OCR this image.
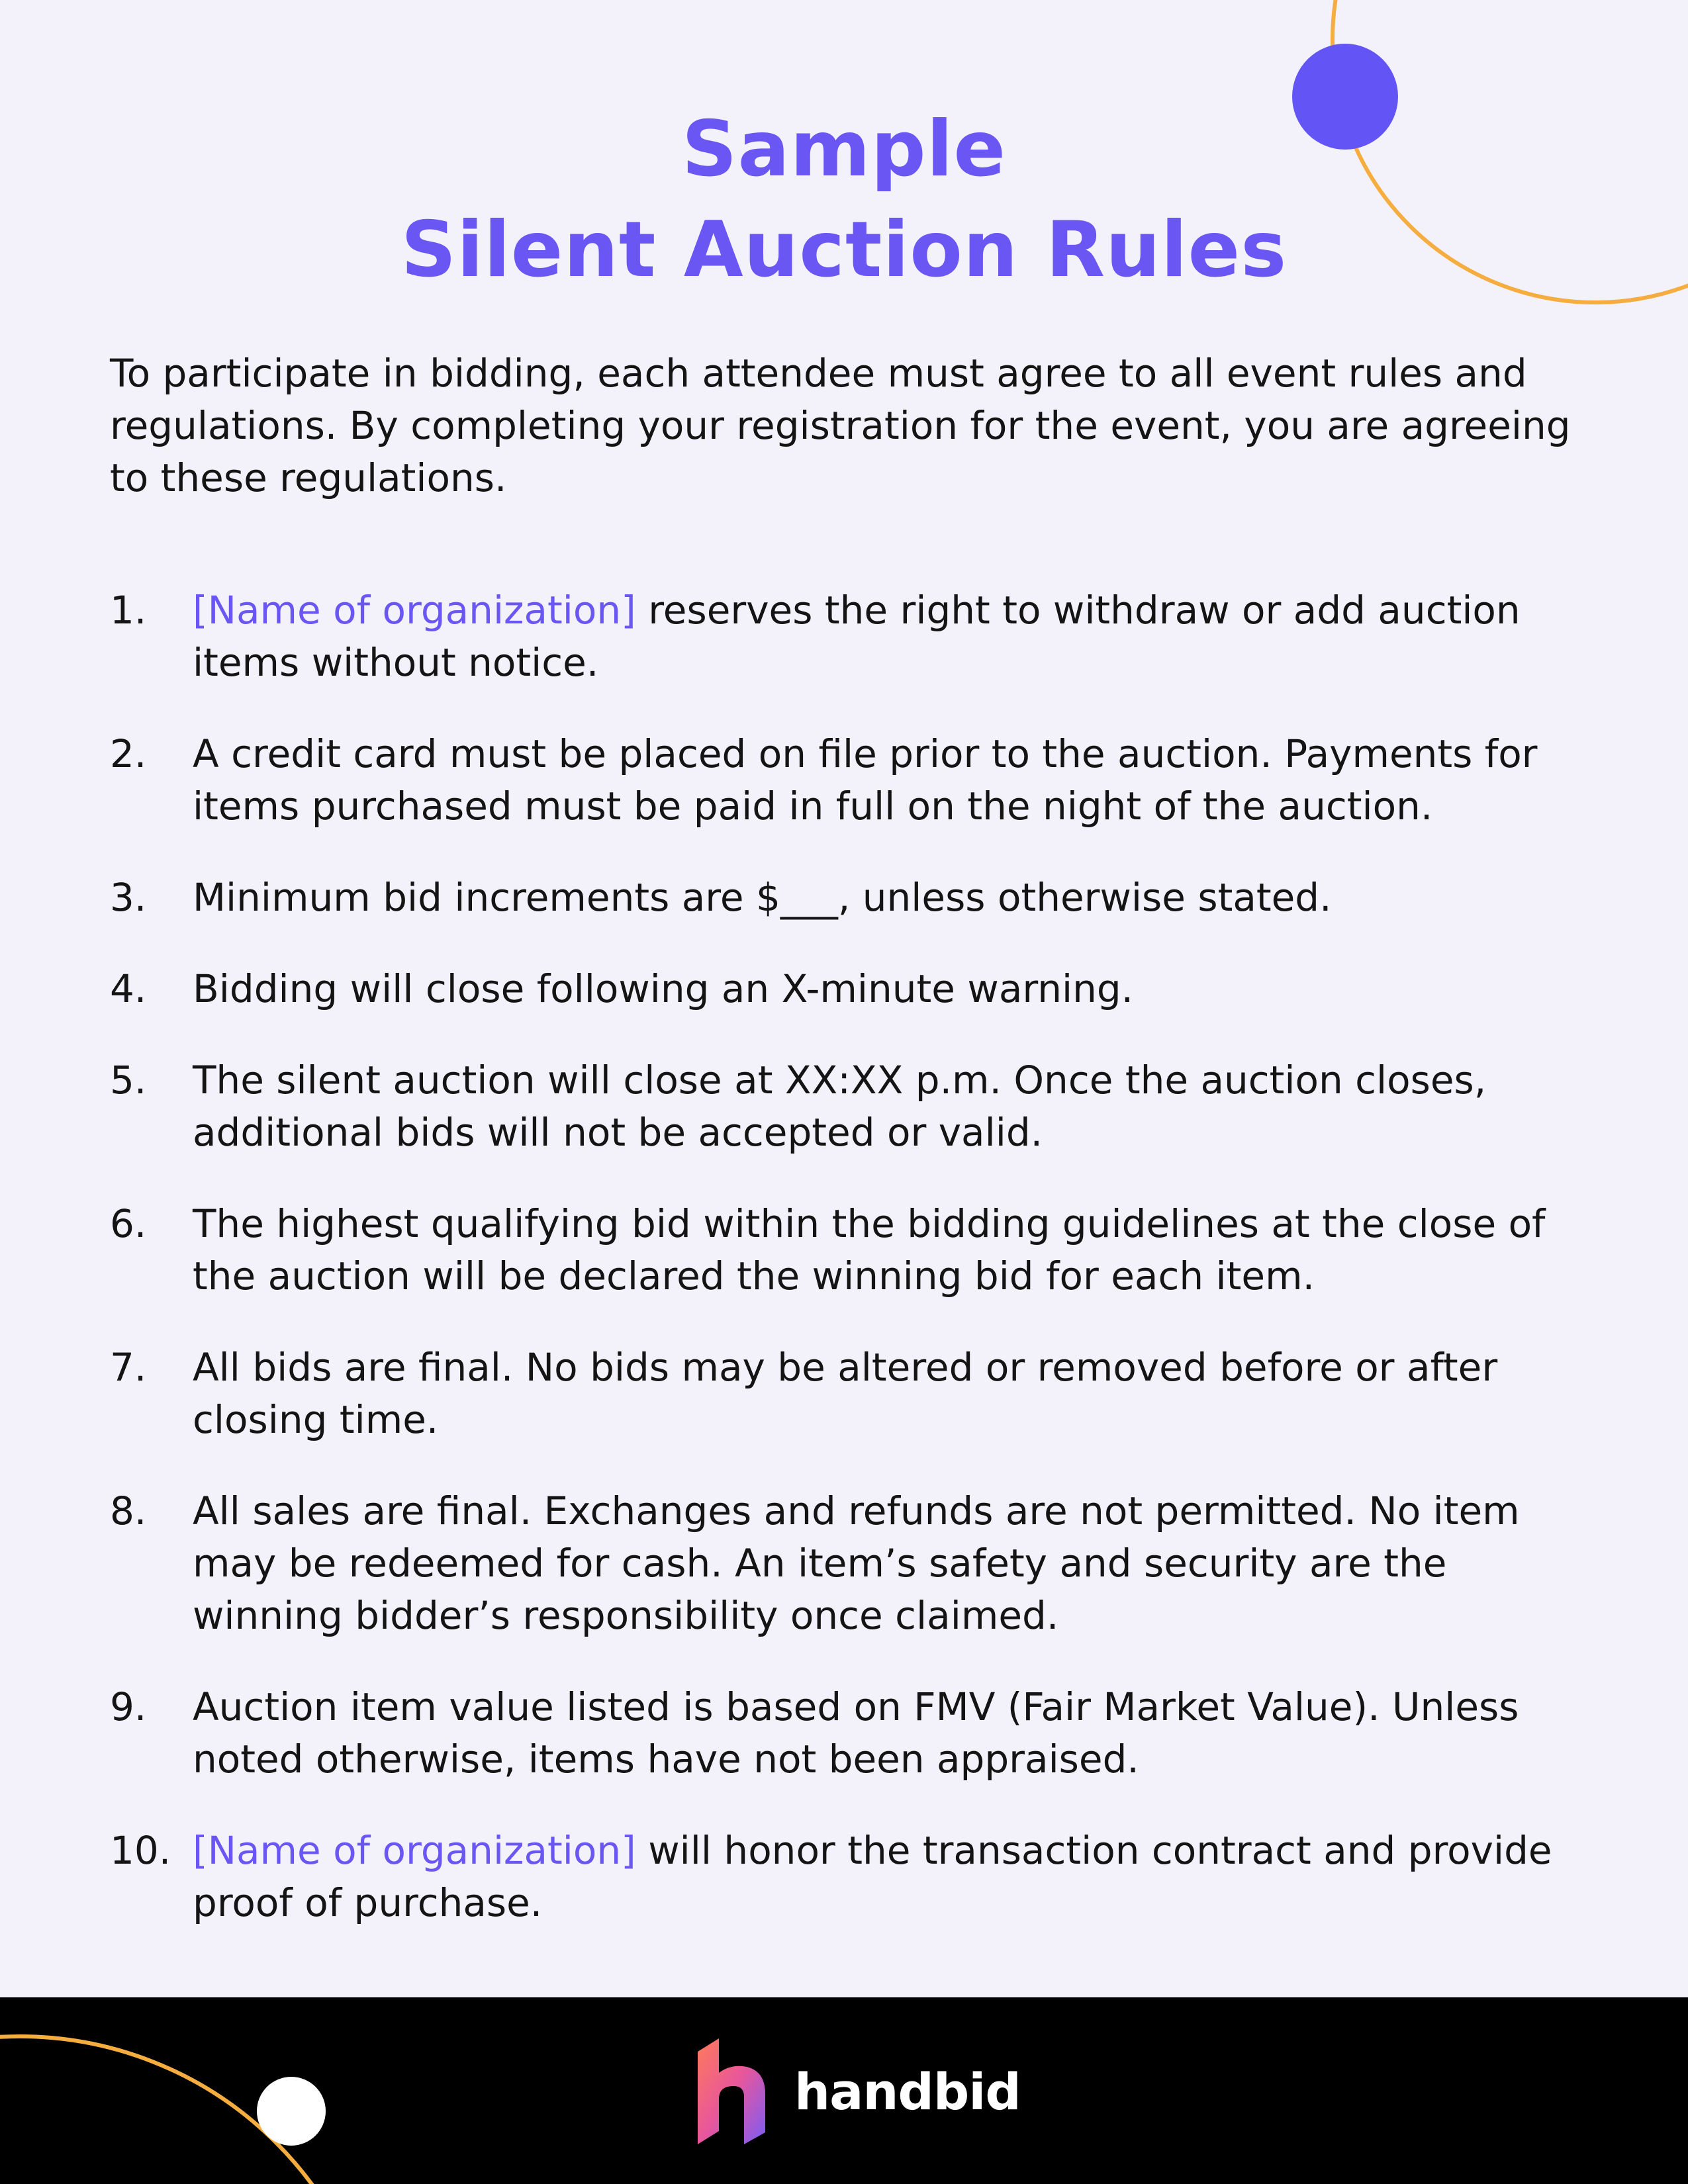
Sample
Silent Auction Rules

To participate in bidding, each attendee must agree to all event rules and regulations. By completing your registration for the event, you are agreeing to these regulations.

1. [Name of organization] reserves the right to withdraw or add auction items without notice.
2. A credit card must be placed on file prior to the auction. Payments for items purchased must be paid in full on the night of the auction.
3. Minimum bid increments are $___, unless otherwise stated.
4. Bidding will close following an X-minute warning.
5. The silent auction will close at XX:XX p.m. Once the auction closes, additional bids will not be accepted or valid.
6. The highest qualifying bid within the bidding guidelines at the close of the auction will be declared the winning bid for each item.
7. All bids are final. No bids may be altered or removed before or after closing time.
8. All sales are final. Exchanges and refunds are not permitted. No item may be redeemed for cash. An item’s safety and security are the winning bidder’s responsibility once claimed.
9. Auction item value listed is based on FMV (Fair Market Value). Unless noted otherwise, items have not been appraised.
10. [Name of organization] will honor the transaction contract and provide proof of purchase.
handbid
